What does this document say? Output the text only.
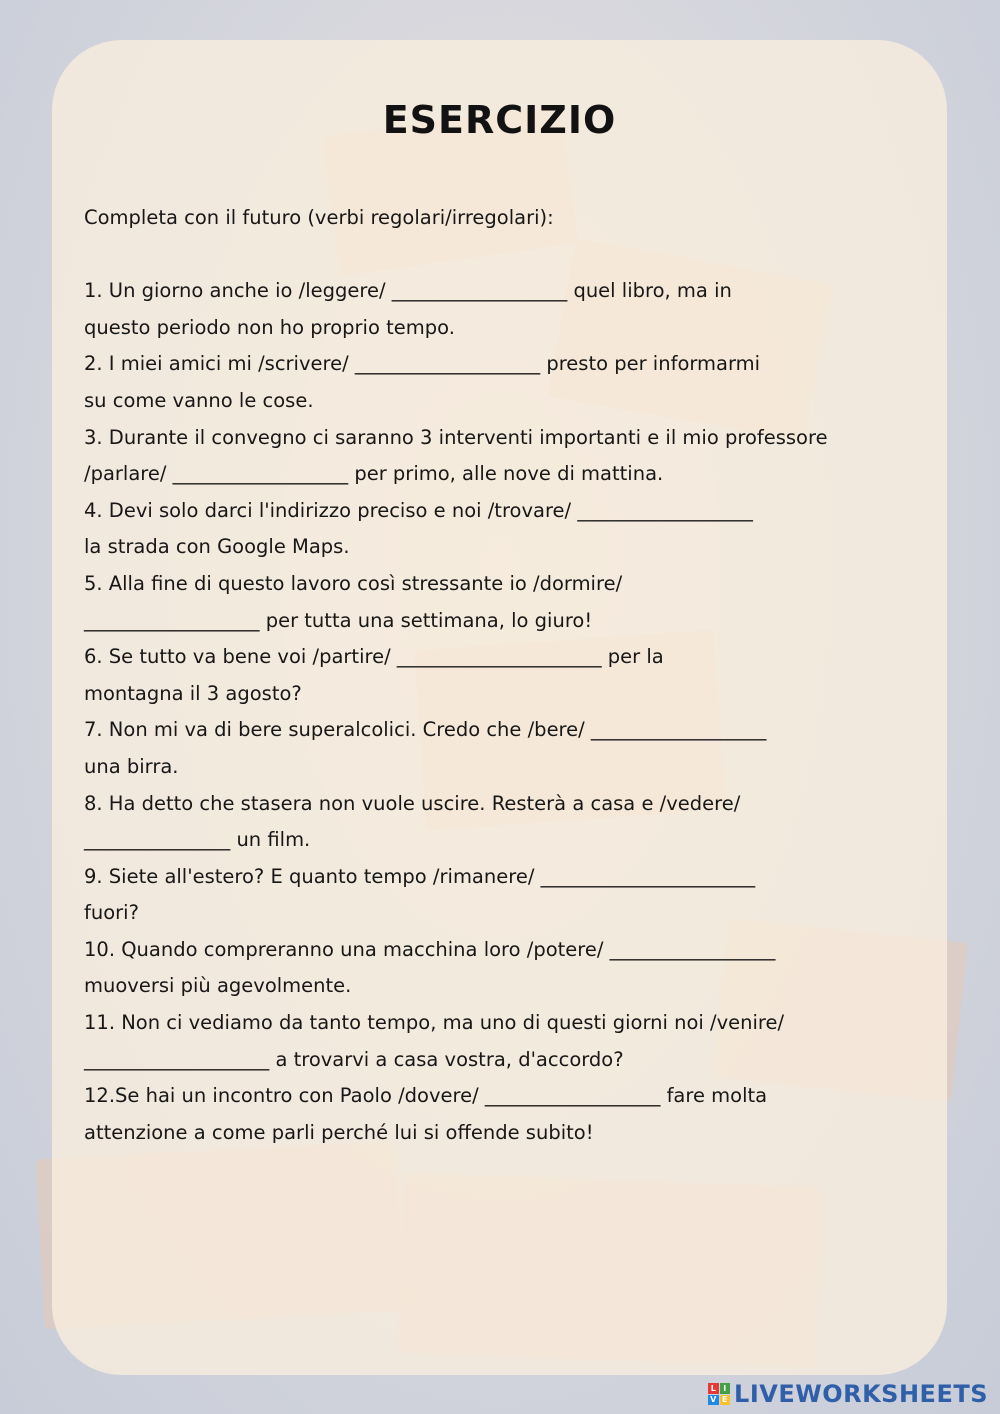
ESERCIZIO

Completa con il futuro (verbi regolari/irregolari):

1. Un giorno anche io /leggere/ __________________ quel libro, ma in
questo periodo non ho proprio tempo.

2. I miei amici mi /scrivere/ ___________________ presto per informarmi
su come vanno le cose.

3. Durante il convegno ci saranno 3 interventi importanti e il mio professore
/parlare/ __________________ per primo, alle nove di mattina.

4. Devi solo darci l'indirizzo preciso e noi /trovare/ __________________
la strada con Google Maps.

5. Alla fine di questo lavoro così stressante io /dormire/
__________________ per tutta una settimana, lo giuro!

6. Se tutto va bene voi /partire/ _____________________ per la
montagna il 3 agosto?

7. Non mi va di bere superalcolici. Credo che /bere/ __________________
una birra.

8. Ha detto che stasera non vuole uscire. Resterà a casa e /vedere/
_______________ un film.

9. Siete all'estero? E quanto tempo /rimanere/ ______________________
fuori?

10. Quando compreranno una macchina loro /potere/ _________________
muoversi più agevolmente.

11. Non ci vediamo da tanto tempo, ma uno di questi giorni noi /venire/
___________________ a trovarvi a casa vostra, d'accordo?

12.Se hai un incontro con Paolo /dovere/ __________________ fare molta
attenzione a come parli perché lui si offende subito!

L I
V E LIVEWORKSHEETS
